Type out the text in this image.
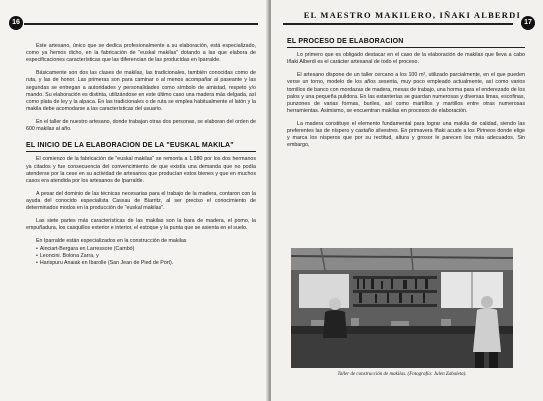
16

Este artesano, único que se dedica profesionalmente a su elaboración, está especializado, como ya hemos dicho, en la fabricación de "euskal makilas" dotando a las que elabora de especificaciones características que las diferencian de las producidas en Iparralde.

Básicamente son dos las clases de makilas, las tradicionales, también conocidas como de ruta, y las de honor. Las primeras son para caminar o al menos acompañar al paseante y las segundas se entregan a autoridades y personalidades como símbolo de amistad, respeto y/o mando. Su elaboración es distinta, utilizándose en este último caso una madera más delgada, así como plata de ley y la alpaca. En las tradicionales o de ruta se emplea habitualmente el latón y la makila debe acomodarse a las características del usuario.

En el taller de nuestro artesano, donde trabajan otras dos personas, se elaboran del orden de 600 makilas al año.

EL INICIO DE LA ELABORACION DE LA "EUSKAL MAKILA"

El comienzo de la fabricación de "euskal makilas" se remonta a 1.980 por los dos hermanos ya citados y fue consecuencia del convencimiento de que existía una demanda que no podía atenderse por la cese en su actividad de artesanos que producían estos bienes y que en muchos casos era atendida por los artesanos de Iparralde.

A pesar del dominio de las técnicas necesarias para el trabajo de la madera, contaron con la ayuda del conocido especialista Cassau de Biarritz, al ser preciso el conocimiento de determinados modos en la producción de "euskal makilas".

Las siete partes más características de las makilas son la bara de madera, el pomo, la empuñadura, los casquillos exterior e interior, el estoque y la punta que se asienta en el suelo.

En Iparralde están especializados en la construcción de makilas

• Ainciart-Bergara en Larressore (Cambó)
• Leoncini. Bolona Zarra, y
• Harispuru Anaiak en Ibarolle (San Jean de Pied de Port).
EL MAESTRO MAKILERO, IÑAKI ALBERDI
17
EL PROCESO DE ELABORACION

Lo primero que es obligado destacar en el caso de la elaboración de makilas que lleva a cabo Iñaki Alberdi es el carácter artesanal de todo el proceso.

El artesano dispone de un taller cercano a los 100 m², utilizado parcialmente, en el que pueden verse un torno, modelo de los años sesenta, muy poco empleado actualmente, así como varios tornillos de banco con mordazas de madera, mesas de trabajo, una horma para el enderezado de los palos y una pequeña pulidora. En las estanterías se guardan numerosas y diversas limas, escofinas, punzones de varias formas, buriles, así como martillos y martillos entre otras numerosas herramientas. Asimismo, se encuentran makilas en procesos de elaboración.

La madera constituye el elemento fundamental para lograr una makila de calidad, siendo las preferentes las de níspero y castaño silvestres. En primavera Iñaki acude a los Pirineos donde elige y marca los nísperos que por su rectitud, altura y grosor le parecen los más adecuados. Sin embargo,

Taller de construcción de makilas. (Fotografía: Julen Zabaleta).
